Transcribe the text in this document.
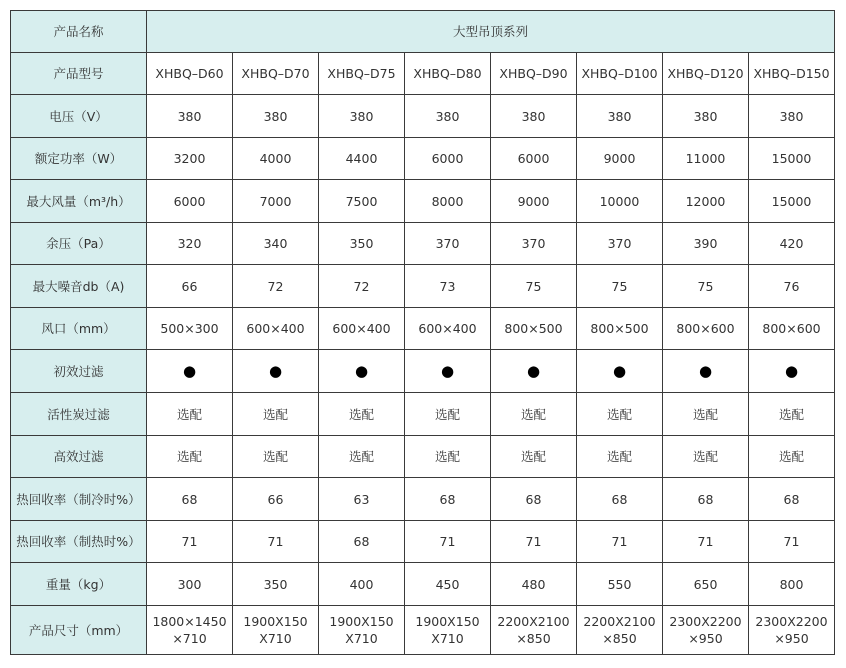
产品名称	大型吊顶系列							
产品型号	XHBQ–D60	XHBQ–D70	XHBQ–D75	XHBQ–D80	XHBQ–D90	XHBQ–D100	XHBQ–D120	XHBQ–D150
电压（V）	380	380	380	380	380	380	380	380
额定功率（W）	3200	4000	4400	6000	6000	9000	11000	15000
最大风量（m³/h）	6000	7000	7500	8000	9000	10000	12000	15000
余压（Pa）	320	340	350	370	370	370	390	420
最大噪音db（A)	66	72	72	73	75	75	75	76
风口（mm）	500×300	600×400	600×400	600×400	800×500	800×500	800×600	800×600
初效过滤	●	●	●	●	●	●	●	●
活性炭过滤	选配	选配	选配	选配	选配	选配	选配	选配
高效过滤	选配	选配	选配	选配	选配	选配	选配	选配
热回收率（制冷时%）	68	66	63	68	68	68	68	68
热回收率（制热时%）	71	71	68	71	71	71	71	71
重量（kg）	300	350	400	450	480	550	650	800
产品尺寸（mm）	1800×1450 ×710	1900X150 X710	1900X150 X710	1900X150 X710	2200X2100 ×850	2200X2100 ×850	2300X2200 ×950	2300X2200 ×950
